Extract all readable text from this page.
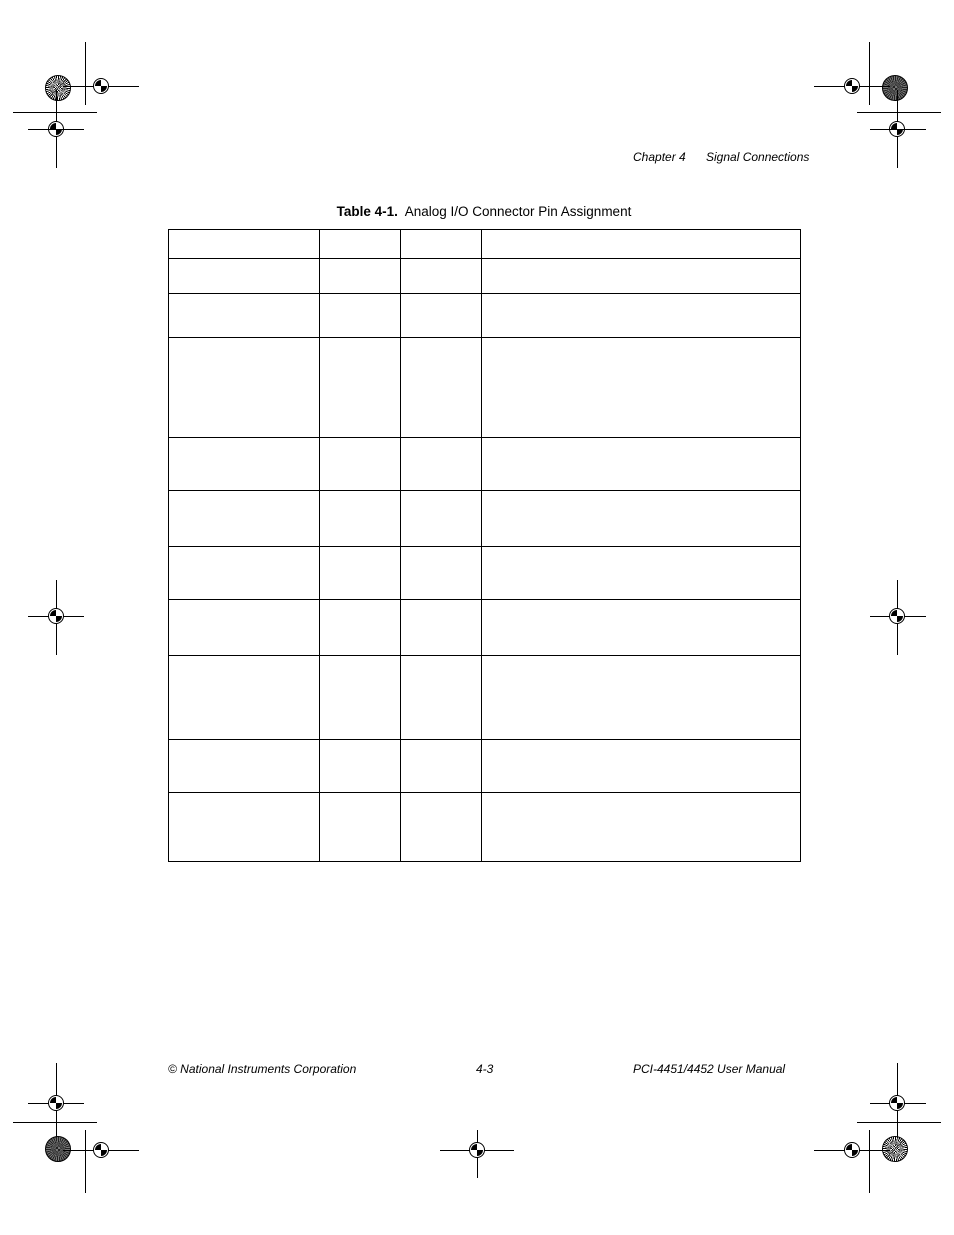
Chapter 4 Signal Connections
Table 4-1. Analog I/O Connector Pin Assignment

© National Instruments Corporation	4-3	PCI-4451/4452 User Manual
